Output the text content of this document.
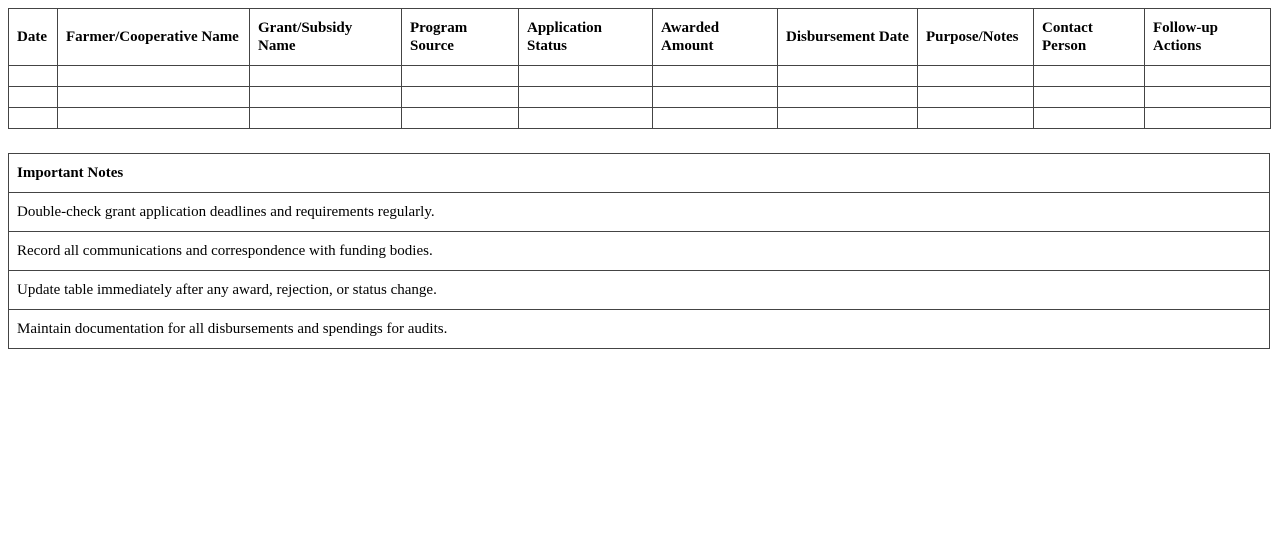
Date	Farmer/Cooperative Name	Grant/Subsidy Name	Program Source	Application Status	Awarded Amount	Disbursement Date	Purpose/Notes	Contact Person	Follow-up Actions

Important Notes
Double-check grant application deadlines and requirements regularly.
Record all communications and correspondence with funding bodies.
Update table immediately after any award, rejection, or status change.
Maintain documentation for all disbursements and spendings for audits.
